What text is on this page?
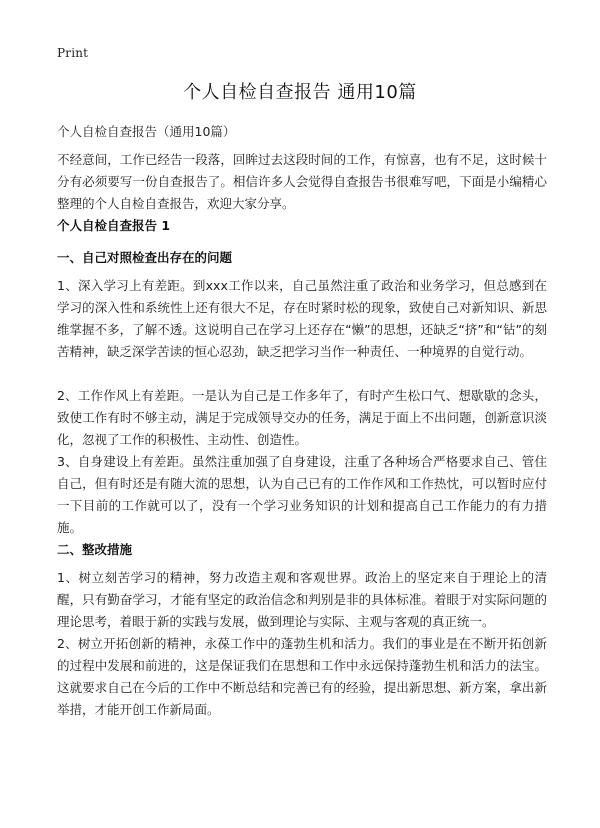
Print
个人自检自查报告 通用10篇
个人自检自查报告（通用10篇）

不经意间，工作已经告一段落，回眸过去这段时间的工作，有惊喜，也有不足，这时候十分有必须要写一份自查报告了。相信许多人会觉得自查报告书很难写吧，下面是小编精心整理的个人自检自查报告，欢迎大家分享。

个人自检自查报告 1
一、自己对照检查出存在的问题

1、深入学习上有差距。到xxx工作以来，自己虽然注重了政治和业务学习，但总感到在学习的深入性和系统性上还有很大不足，存在时紧时松的现象，致使自己对新知识、新思维掌握不多，了解不透。这说明自己在学习上还存在“懒”的思想，还缺乏“挤”和“钻”的刻苦精神，缺乏深学苦读的恒心忍劲，缺乏把学习当作一种责任、一种境界的自觉行动。

2、工作作风上有差距。一是认为自己是工作多年了，有时产生松口气、想歇歇的念头，致使工作有时不够主动，满足于完成领导交办的任务，满足于面上不出问题，创新意识淡化，忽视了工作的积极性、主动性、创造性。

3、自身建设上有差距。虽然注重加强了自身建设，注重了各种场合严格要求自己、管住自己，但有时还是有随大流的思想，认为自己已有的工作作风和工作热忱，可以暂时应付一下目前的工作就可以了，没有一个学习业务知识的计划和提高自己工作能力的有力措施。

二、整改措施

1、树立刻苦学习的精神，努力改造主观和客观世界。政治上的坚定来自于理论上的清醒，只有勤奋学习，才能有坚定的政治信念和判别是非的具体标准。着眼于对实际问题的理论思考，着眼于新的实践与发展，做到理论与实际、主观与客观的真正统一。

2、树立开拓创新的精神，永葆工作中的蓬勃生机和活力。我们的事业是在不断开拓创新的过程中发展和前进的，这是保证我们在思想和工作中永远保持蓬勃生机和活力的法宝。这就要求自己在今后的工作中不断总结和完善已有的经验，提出新思想、新方案，拿出新举措，才能开创工作新局面。
